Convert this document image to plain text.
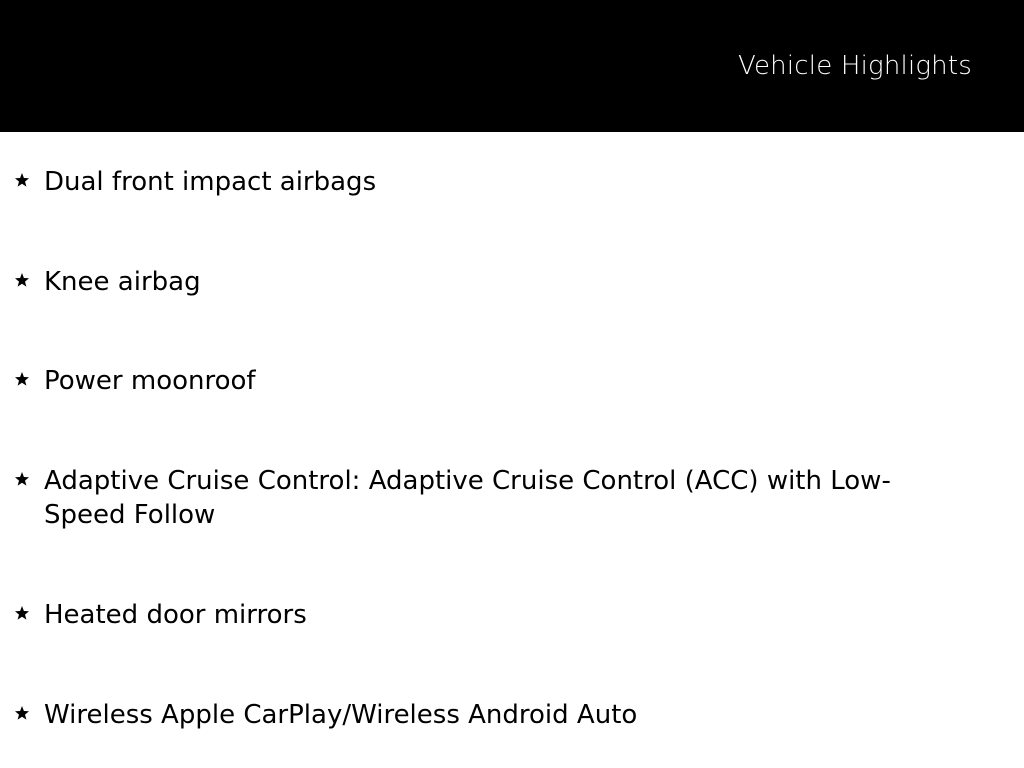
Vehicle Highlights
Dual front impact airbags
Knee airbag
Power moonroof
Adaptive Cruise Control: Adaptive Cruise Control (ACC) with Low-Speed Follow
Heated door mirrors
Wireless Apple CarPlay/Wireless Android Auto
